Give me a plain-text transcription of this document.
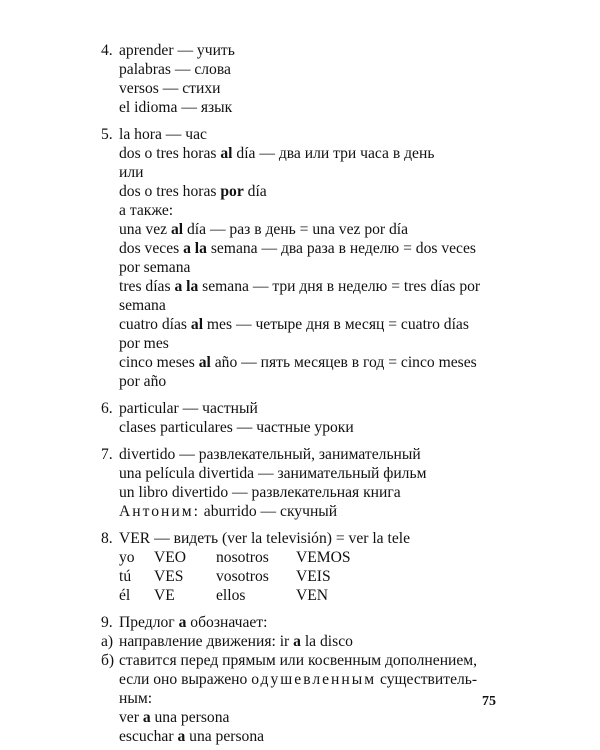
4. aprender — учить
palabras — слова
versos — стихи
el idioma — язык
5. la hora — час
dos o tres horas al día — два или три часа в день
или
dos o tres horas por día
а также:
una vez al día — раз в день = una vez por día
dos veces a la semana — два раза в неделю = dos veces
por semana
tres días a la semana — три дня в неделю = tres días por
semana
cuatro días al mes — четыре дня в месяц = cuatro días
por mes
cinco meses al año — пять месяцев в год = cinco meses
por año
6. particular — частный
clases particulares — частные уроки
7. divertido — развлекательный, занимательный
una película divertida — занимательный фильм
un libro divertido — развлекательная книга
Антоним: aburrido — скучный
8. VER — видеть (ver la televisión) = ver la tele
yo	VEO	nosotros	VEMOS
tú	VES	vosotros	VEIS
él	VE	ellos	VEN
9. Предлог a обозначает:
а) направление движения: ir a la disco
б) ставится перед прямым или косвенным дополнением,
если оно выражено одушевленным существитель-
ным:
ver a una persona
escuchar a una persona
75
